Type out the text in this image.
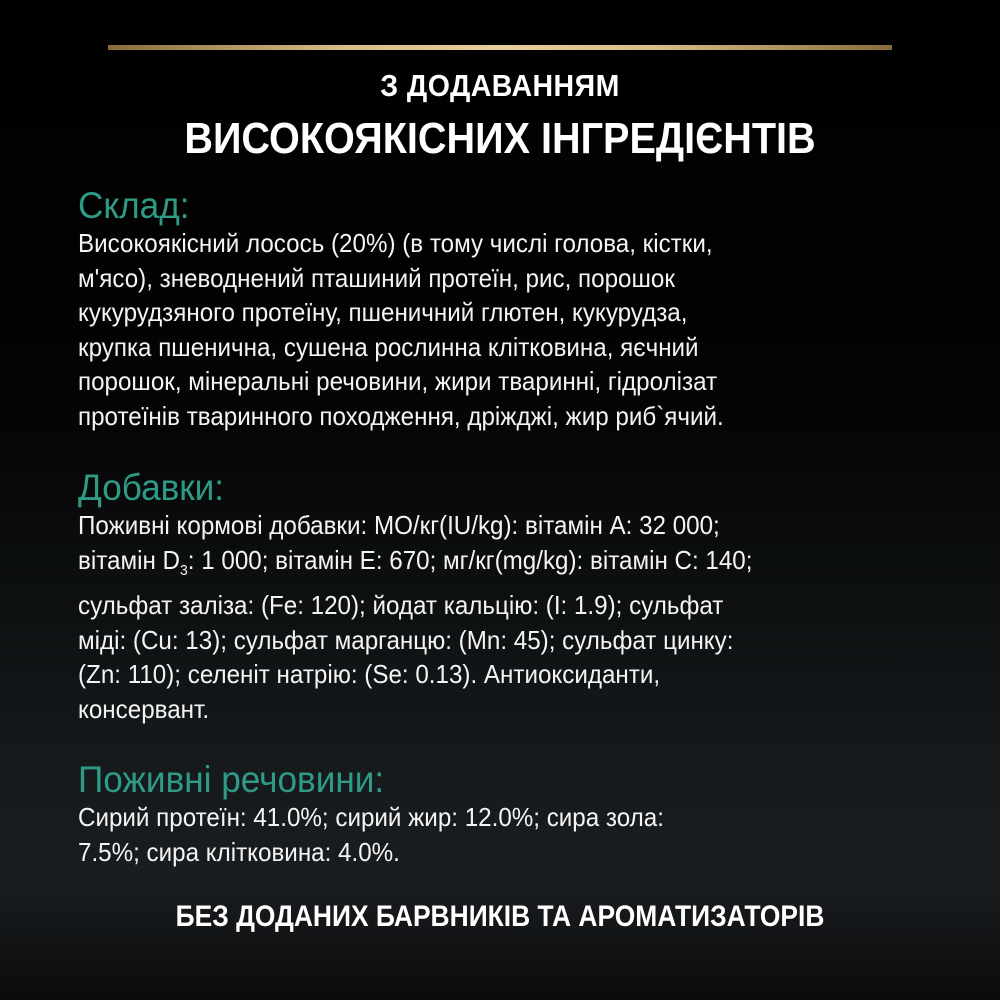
З ДОДАВАННЯМ
ВИСОКОЯКІСНИХ ІНГРЕДІЄНТІВ
Склад:
Високоякісний лосось (20%) (в тому числі голова, кістки,
м'ясо), зневоднений пташиний протеїн, рис, порошок
кукурудзяного протеїну, пшеничний глютен, кукурудза,
крупка пшенична, сушена рослинна клітковина, яєчний
порошок, мінеральні речовини, жири тваринні, гідролізат
протеїнів тваринного походження, дріжджі, жир риб`ячий.
Добавки:
Поживні кормові добавки: МО/кг(IU/kg): вітамін А: 32 000;
вітамін $D_3$: 1 000; вітамін Е: 670; мг/кг(mg/kg): вітамін С: 140;
сульфат заліза: (Fe: 120); йодат кальцію: (I: 1.9); сульфат
міді: (Cu: 13); сульфат марганцю: (Mn: 45); сульфат цинку:
(Zn: 110); селеніт натрію: (Se: 0.13). Антиоксиданти,
консервант.
Поживні речовини:
Сирий протеїн: 41.0%; сирий жир: 12.0%; сира зола:
7.5%; сира клітковина: 4.0%.
БЕЗ ДОДАНИХ БАРВНИКІВ ТА АРОМАТИЗАТОРІВ
